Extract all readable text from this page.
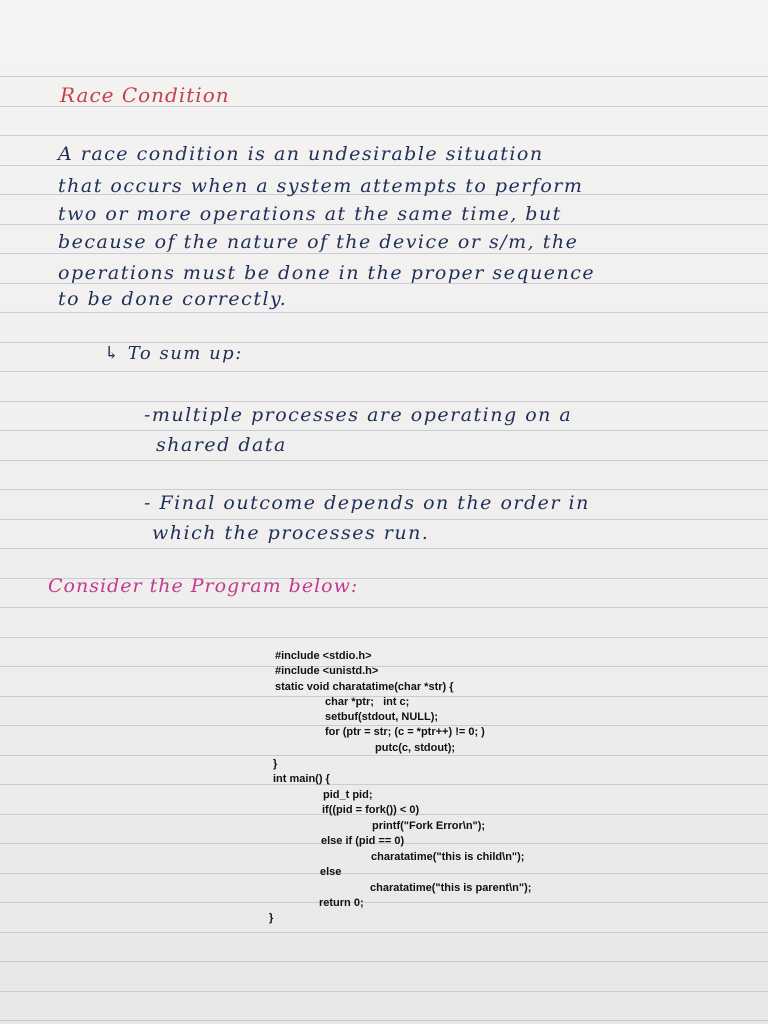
Race Condition
A race condition is an undesirable situation
that occurs when a system attempts to perform
two or more operations at the same time, but
because of the nature of the device or s/m, the
operations must be done in the proper sequence
to be done correctly.
↳ To sum up:
-multiple processes are operating on a
shared data
- Final outcome depends on the order in
which the processes run.
Consider the Program below:
#include <stdio.h>
#include <unistd.h>
static void charatatime(char *str) {
char *ptr;   int c;
setbuf(stdout, NULL);
for (ptr = str; (c = *ptr++) != 0; )
putc(c, stdout);
}
int main() {
pid_t pid;
if((pid = fork()) < 0)
printf("Fork Error\n");
else if (pid == 0)
charatatime("this is child\n");
else
charatatime("this is parent\n");
return 0;
}
